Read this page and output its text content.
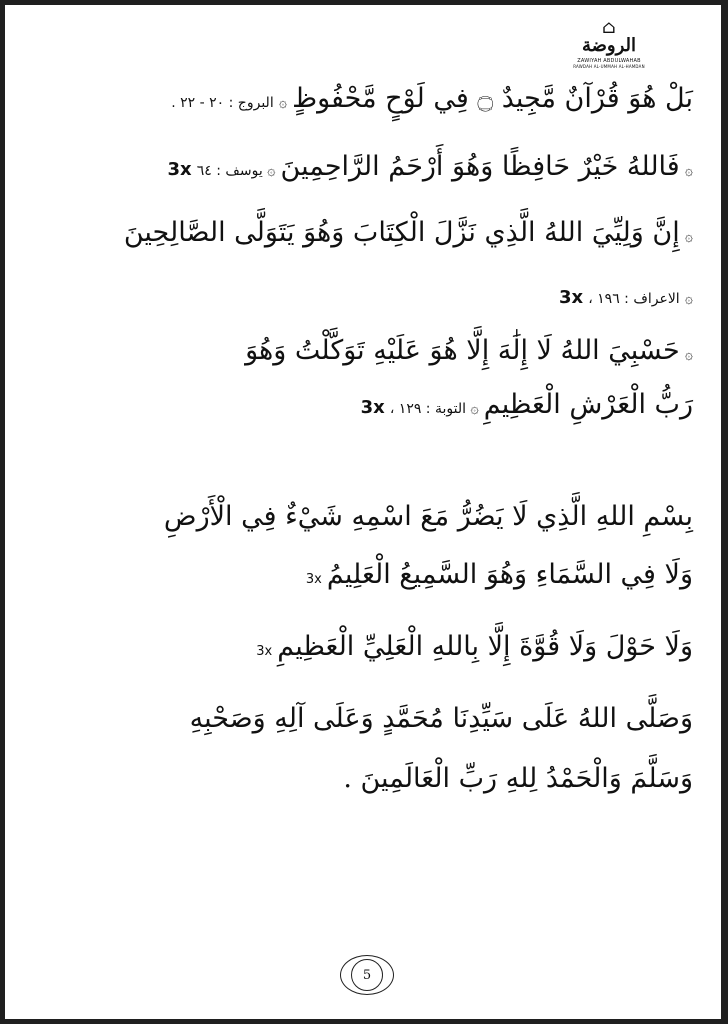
⌂
الروضة
ZAWIYAH ABDULWAHAB
RAWDAH AL-UMMAH AL-HAMDAN
بَلْ هُوَ قُرْآنٌ مَّجِيدٌ ۝ فِي لَوْحٍ مَّحْفُوظٍ ۞ البروج : ٢٠ - ٢٢ .
۞ فَاللهُ خَيْرٌ حَافِظًا وَهُوَ أَرْحَمُ الرَّاحِمِينَ ۞ يوسف : ٦٤ 3x
۞ إِنَّ وَلِيِّيَ اللهُ الَّذِي نَزَّلَ الْكِتَابَ وَهُوَ يَتَوَلَّى الصَّالِحِينَ
۞ الاعراف : ١٩٦ ، 3x
۞ حَسْبِيَ اللهُ لَا إِلَٰهَ إِلَّا هُوَ عَلَيْهِ تَوَكَّلْتُ وَهُوَ
رَبُّ الْعَرْشِ الْعَظِيمِ ۞ التوبة : ١٢٩ ، 3x
بِسْمِ اللهِ الَّذِي لَا يَضُرُّ مَعَ اسْمِهِ شَيْءٌ فِي الْأَرْضِ
وَلَا فِي السَّمَاءِ وَهُوَ السَّمِيعُ الْعَلِيمُ 3x
وَلَا حَوْلَ وَلَا قُوَّةَ إِلَّا بِاللهِ الْعَلِيِّ الْعَظِيمِ 3x
وَصَلَّى اللهُ عَلَى سَيِّدِنَا مُحَمَّدٍ وَعَلَى آلِهِ وَصَحْبِهِ
وَسَلَّمَ وَالْحَمْدُ لِلهِ رَبِّ الْعَالَمِينَ .
5
